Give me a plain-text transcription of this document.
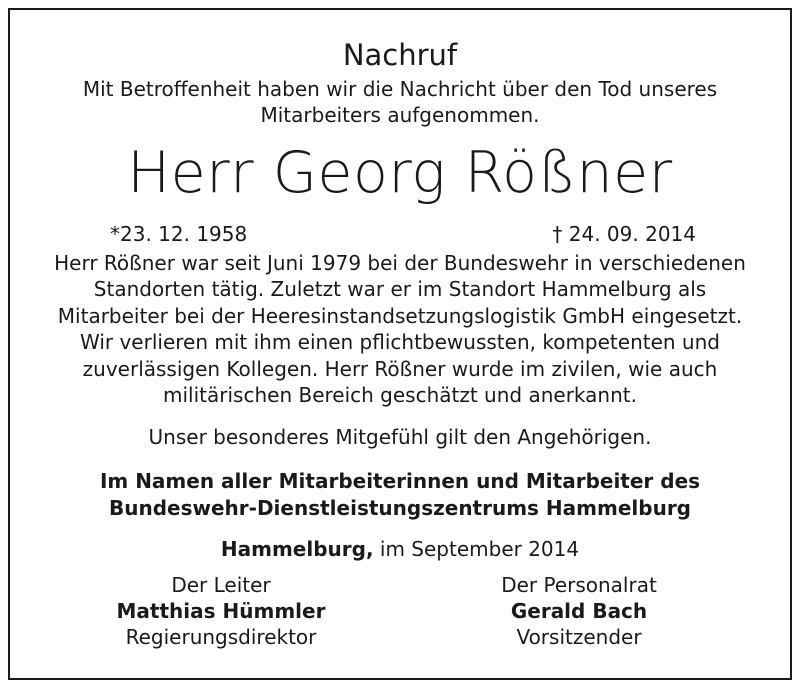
Nachruf
Mit Betroffenheit haben wir die Nachricht über den Tod unseres
Mitarbeiters aufgenommen.
Herr Georg Rößner
*23. 12. 1958	† 24. 09. 2014
Herr Rößner war seit Juni 1979 bei der Bundeswehr in verschiedenen
Standorten tätig. Zuletzt war er im Standort Hammelburg als
Mitarbeiter bei der Heeresinstandsetzungslogistik GmbH eingesetzt.
Wir verlieren mit ihm einen pflichtbewussten, kompetenten und
zuverlässigen Kollegen. Herr Rößner wurde im zivilen, wie auch
militärischen Bereich geschätzt und anerkannt.
Unser besonderes Mitgefühl gilt den Angehörigen.
Im Namen aller Mitarbeiterinnen und Mitarbeiter des
Bundeswehr-Dienstleistungszentrums Hammelburg
Hammelburg, im September 2014
Der Leiter
Matthias Hümmler
Regierungsdirektor
Der Personalrat
Gerald Bach
Vorsitzender
